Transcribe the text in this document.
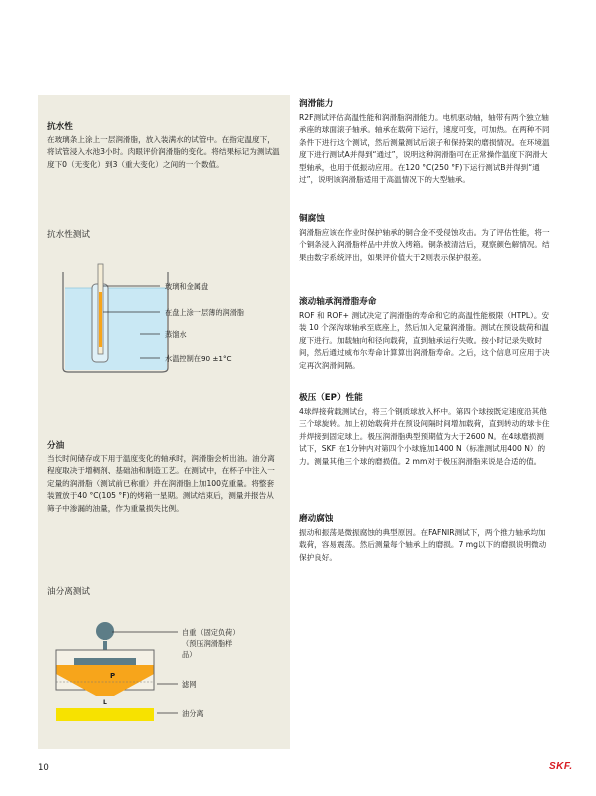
抗水性
在玻璃条上涂上一层润滑脂，放入装满水的试管中。在指定温度下，将试管浸入水池3小时。肉眼评价润滑脂的变化。将结果标记为测试温度下0（无变化）到3（重大变化）之间的一个数值。
抗水性测试
玻璃和金属盘
在盘上涂一层薄的润滑脂
蒸馏水
水温控制在90 ±1°C
分油
当长时间储存或下用于温度变化的轴承时，润滑脂会析出油。油分离程度取决于增稠剂、基础油和制造工艺。在测试中，在杯子中注入一定量的润滑脂（测试前已称重）并在润滑脂上加100克重量。将整套装置放于40 °C(105 °F)的烤箱一星期。测试结束后，测量并报告从筛子中渗漏的油量，作为重量损失比例。
油分离测试
P
L
自重（固定负荷）
（预压润滑脂样
品）
滤网
油分离
润滑能力
R2F测试评估高温性能和润滑脂润滑能力。电机驱动轴，轴带有两个独立轴承座的球面滚子轴承。轴承在载荷下运行，速度可变，可加热。在两种不同条件下进行这个测试，然后测量测试后滚子和保持架的磨损情况。在环境温度下进行测试A并得到“通过”，说明这种润滑脂可在正常操作温度下润滑大型轴承，也用于低振动应用。在120 °C(250 °F)下运行测试B并得到“通过”，说明该润滑脂适用于高温情况下的大型轴承。
铜腐蚀
润滑脂应该在作业时保护轴承的铜合金不受侵蚀攻击。为了评估性能，将一个铜条浸入润滑脂样品中并放入烤箱。铜条被清洁后，观察颜色解情况。结果由数字系统评出，如果评价值大于2则表示保护很差。
滚动轴承润滑脂寿命
ROF 和 ROF+ 测试决定了润滑脂的寿命和它的高温性能极限（HTPL）。安装 10 个深沟球轴承至底座上，然后加入定量润滑脂。测试在预设载荷和温度下进行。加载轴向和径向载荷，直到轴承运行失败。按小时记录失败时间，然后通过威布尔寿命计算算出润滑脂寿命。之后，这个信息可应用于决定再次润滑间隔。
极压（EP）性能
4球焊接荷载测试台，将三个钢质球放入杯中。第四个球按既定速度沿其他三个球旋转。加上初始载荷并在预设间隔时间增加载荷，直到转动的球卡住并焊接到固定球上。极压润滑脂典型预期值为大于2600 N。在4球磨损测试下，SKF 在1分钟内对第四个小球施加1400 N（标准测试用400 N）的力。测量其他三个球的磨损值。2 mm对于极压润滑脂来说是合适的值。
磨动腐蚀
振动和振荡是微振腐蚀的典型原因。在FAFNIR测试下，两个推力轴承均加载荷，容易震荡。然后测量每个轴承上的磨损。7 mg以下的磨损说明微动保护良好。
10	SKF.
